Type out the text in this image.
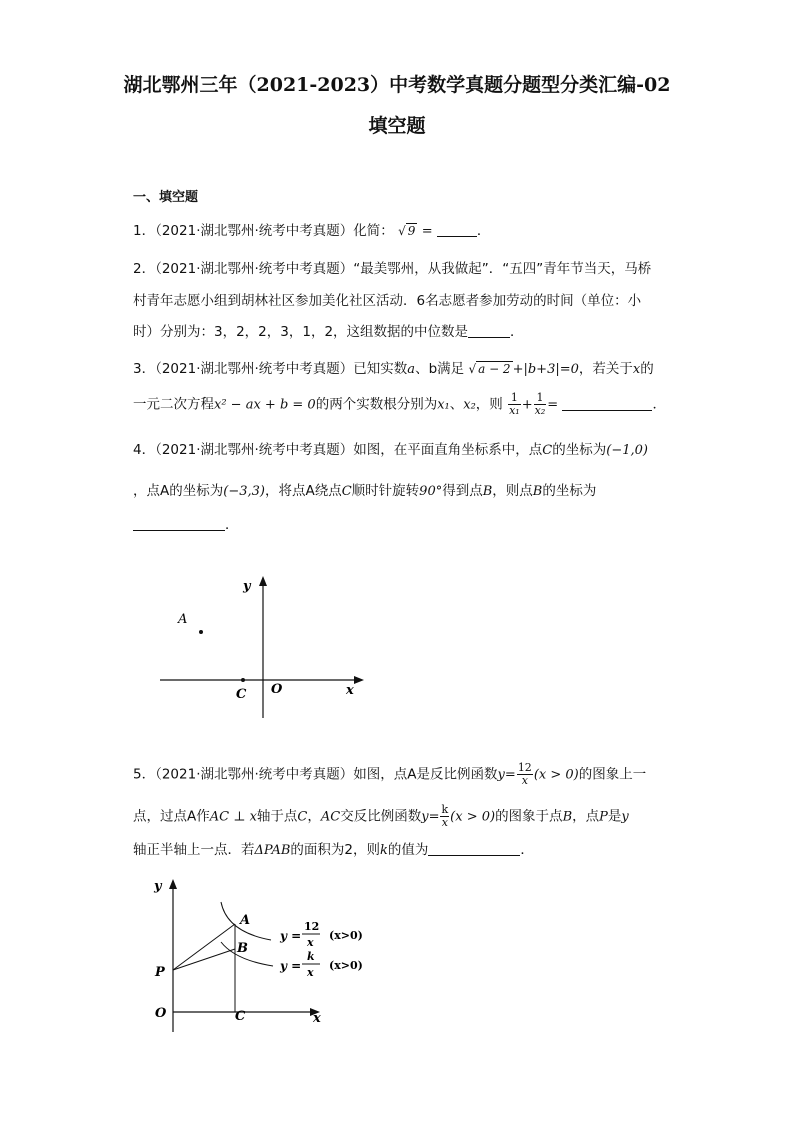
湖北鄂州三年（2021-2023）中考数学真题分题型分类汇编-02
填空题
一、填空题
1．（2021·湖北鄂州·统考中考真题）化简： √ 9 =	．
2．（2021·湖北鄂州·统考中考真题）“最美鄂州，从我做起”．“五四”青年节当天，马桥
村青年志愿小组到胡林社区参加美化社区活动．6名志愿者参加劳动的时间（单位：小
时）分别为：3，2，2，3，1，2，这组数据的中位数是	．
3．（2021·湖北鄂州·统考中考真题）已知实数a、b满足 √ a − 2 +|b+3|=0，若关于x的
一元二次方程x² − ax + b = 0的两个实数根分别为x₁、x₂，则 $\frac{1}{\text{x₁}} + \frac{1}{\text{x₂}}$ =	．
4．（2021·湖北鄂州·统考中考真题）如图，在平面直角坐标系中，点C的坐标为(−1,0)
，点A的坐标为(−3,3)，将点A绕点C顺时针旋转90°得到点B，则点B的坐标为
．
A
C O	x
y
5．（2021·湖北鄂州·统考中考真题）如图，点A是反比例函数$y= \frac{12}{x} (x > 0)$的图象上一
点，过点A作AC ⊥ x轴于点C，AC交反比例函数$y= \frac{k}{x} (x > 0)$的图象于点B，点P是y
轴正半轴上一点．若ΔPAB的面积为2，则k的值为	．
A
B
P
O	C	x
y
y =
12
x
(x>0)
y =
k
x
(x>0)
